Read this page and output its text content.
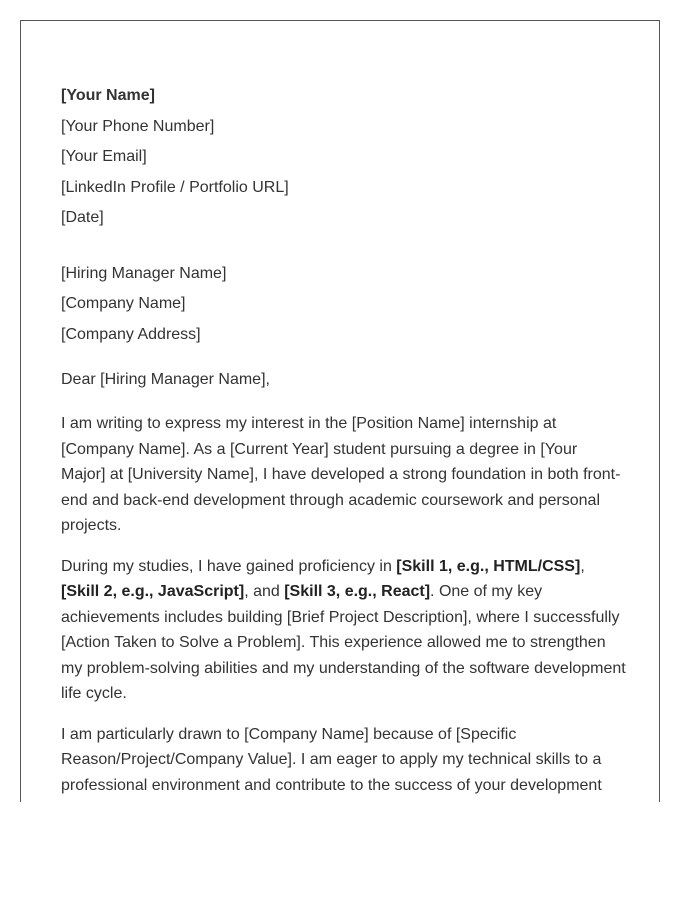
[Your Name]
[Your Phone Number]
[Your Email]
[LinkedIn Profile / Portfolio URL]
[Date]
[Hiring Manager Name]
[Company Name]
[Company Address]
Dear [Hiring Manager Name],

I am writing to express my interest in the [Position Name] internship at [Company Name]. As a [Current Year] student pursuing a degree in [Your Major] at [University Name], I have developed a strong foundation in both front-end and back-end development through academic coursework and personal projects.

During my studies, I have gained proficiency in [Skill 1, e.g., HTML/CSS], [Skill 2, e.g., JavaScript], and [Skill 3, e.g., React]. One of my key achievements includes building [Brief Project Description], where I successfully [Action Taken to Solve a Problem]. This experience allowed me to strengthen my problem-solving abilities and my understanding of the software development life cycle.

I am particularly drawn to [Company Name] because of [Specific Reason/Project/Company Value]. I am eager to apply my technical skills to a professional environment and contribute to the success of your development
